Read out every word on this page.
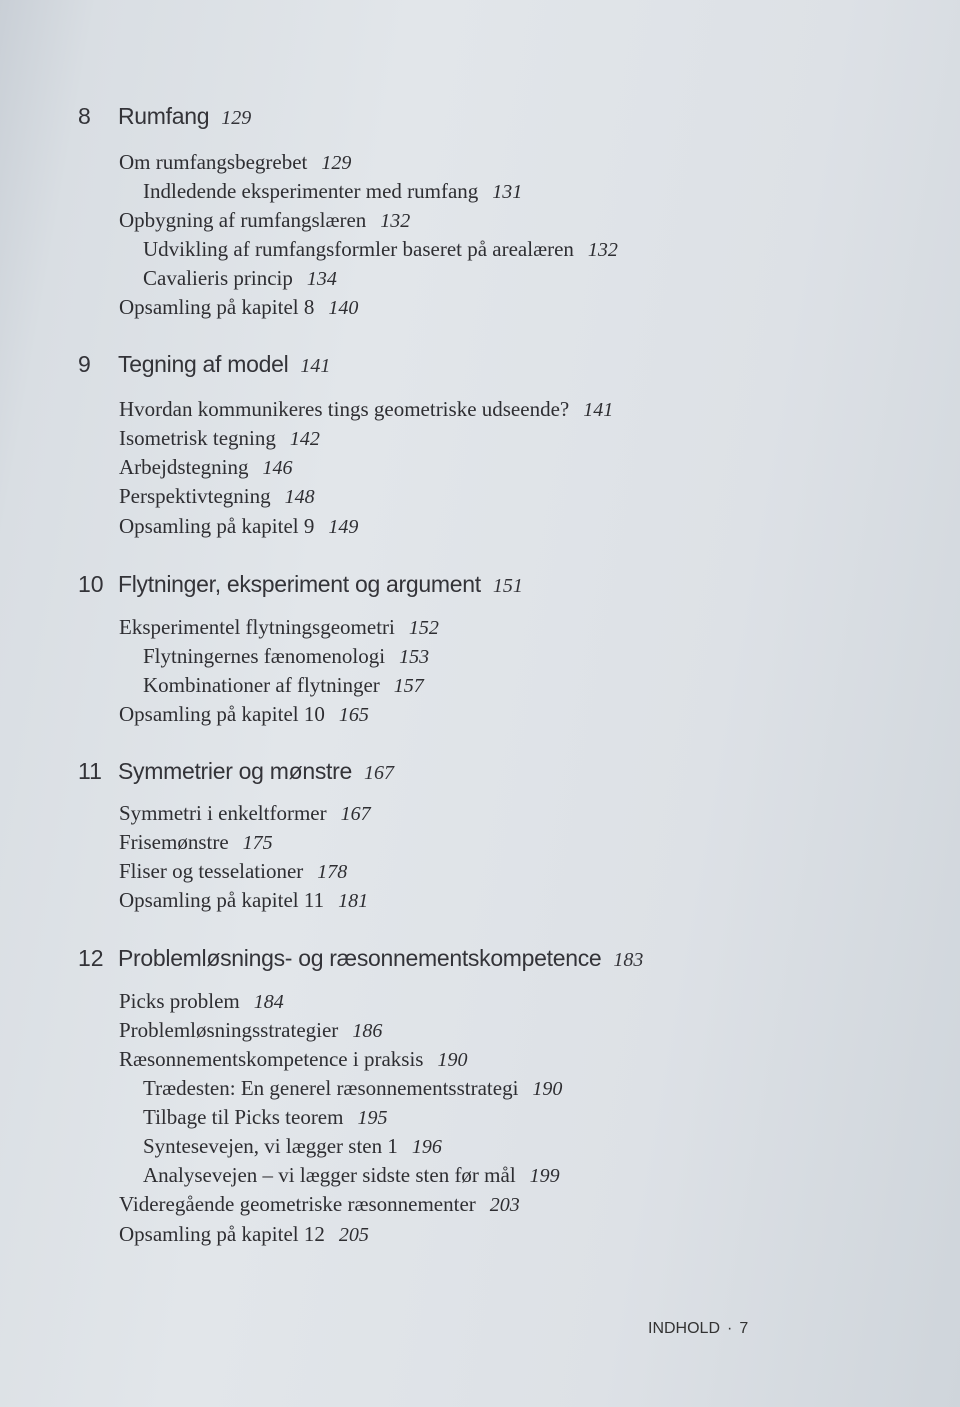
8 Rumfang 129
Om rumfangsbegrebet 129
Indledende eksperimenter med rumfang 131
Opbygning af rumfangslæren 132
Udvikling af rumfangsformler baseret på arealæren 132
Cavalieris princip 134
Opsamling på kapitel 8 140
9 Tegning af model 141
Hvordan kommunikeres tings geometriske udseende? 141
Isometrisk tegning 142
Arbejdstegning 146
Perspektivtegning 148
Opsamling på kapitel 9 149
10 Flytninger, eksperiment og argument 151
Eksperimentel flytningsgeometri 152
Flytningernes fænomenologi 153
Kombinationer af flytninger 157
Opsamling på kapitel 10 165
11 Symmetrier og mønstre 167
Symmetri i enkeltformer 167
Frisemønstre 175
Fliser og tesselationer 178
Opsamling på kapitel 11 181
12 Problemløsnings- og ræsonnementskompetence 183
Picks problem 184
Problemløsningsstrategier 186
Ræsonnementskompetence i praksis 190
Trædesten: En generel ræsonnementsstrategi 190
Tilbage til Picks teorem 195
Syntesevejen, vi lægger sten 1 196
Analysevejen – vi lægger sidste sten før mål 199
Videregående geometriske ræsonnementer 203
Opsamling på kapitel 12 205
INDHOLD · 7
